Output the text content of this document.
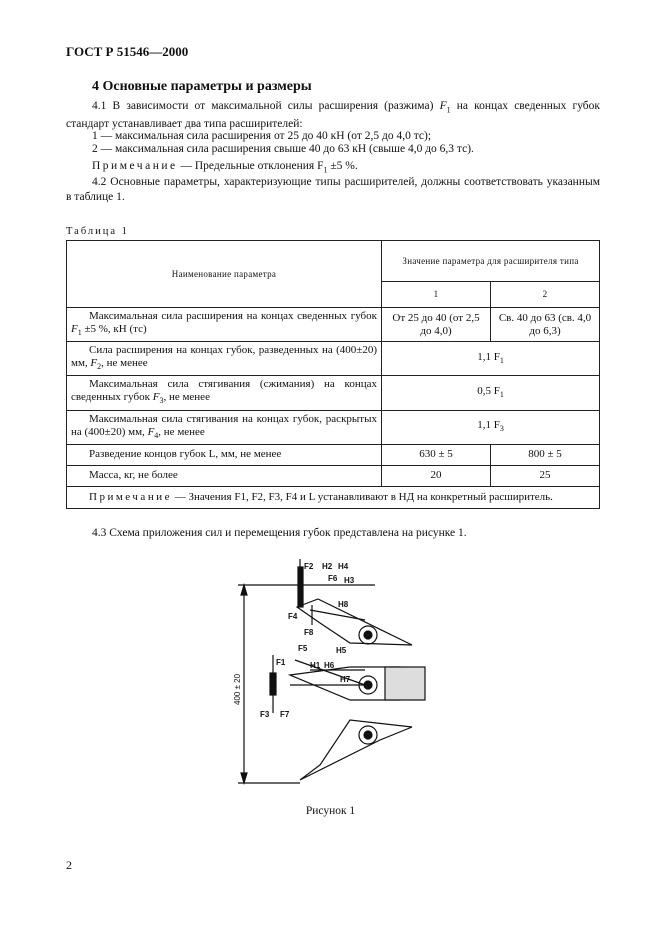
ГОСТ Р 51546—2000
4 Основные параметры и размеры
4.1 В зависимости от максимальной силы расширения (разжима) $F_1$ на концах сведенных губок стандарт устанавливает два типа расширителей:
1 — максимальная сила расширения от 25 до 40 кН (от 2,5 до 4,0 тс);
2 — максимальная сила расширения свыше 40 до 63 кН (свыше 4,0 до 6,3 тс).
Примечание — Предельные отклонения $F_1 \pm 5$ %.
4.2 Основные параметры, характеризующие типы расширителей, должны соответствовать указанным в таблице 1.
Таблица 1
Наименование параметра	Значение параметра для расширителя типа	
	1	2
Максимальная сила расширения на концах сведенных губок $F_1 \pm 5$ %, кН (тс)	От 25 до 40 (от 2,5 до 4,0)	Св. 40 до 63 (св. 4,0 до 6,3)
Сила расширения на концах губок, разведенных на (400±20) мм, $F_2$, не менее	1,1 $F_1$
Максимальная сила стягивания (сжимания) на концах сведенных губок $F_3$, не менее	0,5 $F_1$
Максимальная сила стягивания на концах губок, раскрытых на (400±20) мм, $F_4$, не менее	1,1 $F_3$
Разведение концов губок L, мм, не менее	630 ± 5	800 ± 5
Масса, кг, не более	20	25
Примечание — Значения F1, F2, F3, F4 и L устанавливают в НД на конкретный расширитель.		
4.3 Схема приложения сил и перемещения губок представлена на рисунке 1.
F2 H2 H4
F6 H3
H8
F4
F8
H5
F1
F5
H1 H6
H7
F3 F7
400 ± 20
Рисунок 1
2
